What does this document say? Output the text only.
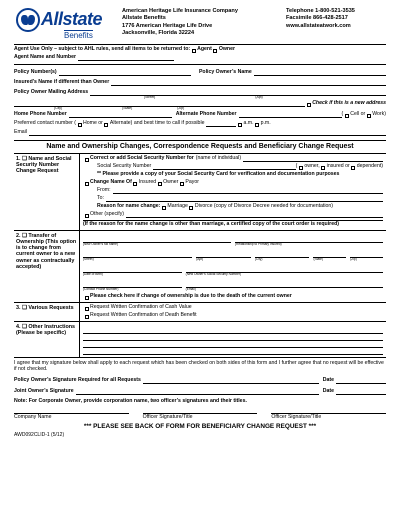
Allstate
Benefits
American Heritage Life Insurance Company
Allstate Benefits
1776 American Heritage Life Drive
Jacksonville, Florida 32224
Telephone 1-800-521-3535
Facsimile 866-428-2517
www.allstateatwork.com
Agent Use Only – subject to AHL rules, send all items to be returned to: Agent Owner
Agent Name and Number
Policy Number(s)	Policy Owner’s Name
Insured’s Name if different than Owner
Policy Owner Mailing Address
(Street)	(Apt)
Check if this is a new address
(City)	(State)	(Zip)
Home Phone Number	Alternate Phone Number	( Cell or Work)
Preferred contact number ( Home or Alternate) and best time to call if possible	a.m. p.m.
Email
Name and Ownership Changes, Correspondence Requests and Beneficiary Change Request
1. ❑ Name and Social Security Number Change Request
Correct or add Social Security Number for (name of individual)
Social Security Number	( owner, insured or dependent)
** Please provide a copy of your Social Security Card for verification and documentation purposes
Change Name Of Insured Owner Payor
From:
To:
Reason for name change: Marriage Divorce (copy of Divorce Decree needed for documentation)
Other (specify)
(If the reason for the name change is other than marriage, a certified copy of the court order is required)
2. ❑ Transfer of Ownership (This option is to change from current owner to a new owner as contractually accepted)
(New Owner’s full name)	(Relationship to Primary Insured)
(Street)	(Apt)	(City)	(State)	(Zip)
(Date of Birth)	(New Owner’s Social Security Number)
(Contact Phone Number)	(Email)
Please check here if change of ownership is due to the death of the current owner
3. ❑ Various Requests	Request Written Confirmation of Cash Value
Request Written Confirmation of Death Benefit
4. ❑ Other Instructions (Please be specific)
I agree that my signature below shall apply to each request which has been checked on both sides of this form and I further agree that no request will be effective if not checked.
Policy Owner’s Signature Required for all Requests	Date
Joint Owner’s Signature	Date
Note: For Corporate Owner, provide corporation name, two officer’s signatures and their titles.
Company Name	Officer Signature/Title	Officer Signature/Title
*** PLEASE SEE BACK OF FORM FOR BENEFICIARY CHANGE REQUEST ***
AWD092CLID-1 (5/12)
